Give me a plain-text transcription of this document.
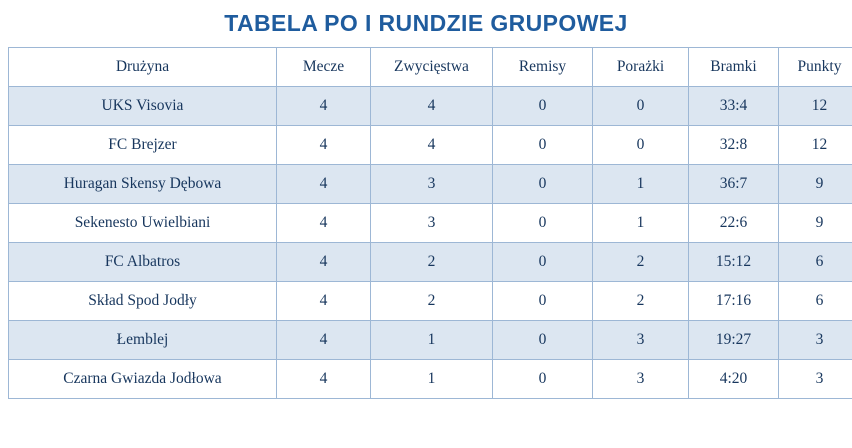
TABELA PO I RUNDZIE GRUPOWEJ
Drużyna	Mecze	Zwycięstwa	Remisy	Porażki	Bramki	Punkty
UKS Visovia	4	4	0	0	33:4	12
FC Brejzer	4	4	0	0	32:8	12
Huragan Skensy Dębowa	4	3	0	1	36:7	9
Sekenesto Uwielbiani	4	3	0	1	22:6	9
FC Albatros	4	2	0	2	15:12	6
Skład Spod Jodły	4	2	0	2	17:16	6
Łemblej	4	1	0	3	19:27	3
Czarna Gwiazda Jodłowa	4	1	0	3	4:20	3
